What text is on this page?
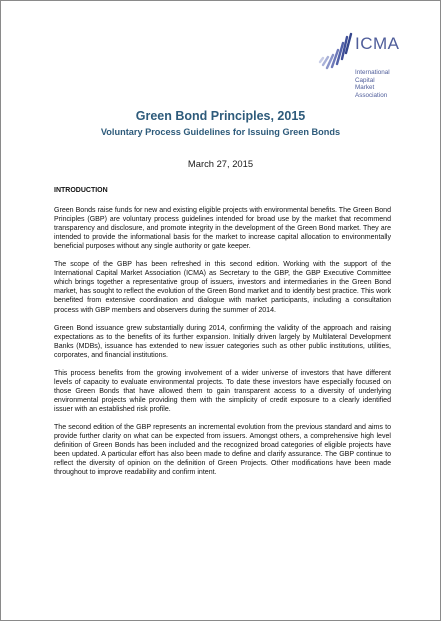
ICMA
International
Capital
Market
Association
Green Bond Principles, 2015
Voluntary Process Guidelines for Issuing Green Bonds
March 27, 2015
INTRODUCTION

Green Bonds raise funds for new and existing eligible projects with environmental benefits. The Green Bond Principles (GBP) are voluntary process guidelines intended for broad use by the market that recommend transparency and disclosure, and promote integrity in the development of the Green Bond market. They are intended to provide the informational basis for the market to increase capital allocation to environmentally beneficial purposes without any single authority or gate keeper.

The scope of the GBP has been refreshed in this second edition. Working with the support of the International Capital Market Association (ICMA) as Secretary to the GBP, the GBP Executive Committee which brings together a representative group of issuers, investors and intermediaries in the Green Bond market, has sought to reflect the evolution of the Green Bond market and to identify best practice. This work benefited from extensive coordination and dialogue with market participants, including a consultation process with GBP members and observers during the summer of 2014.

Green Bond issuance grew substantially during 2014, confirming the validity of the approach and raising expectations as to the benefits of its further expansion. Initially driven largely by Multilateral Development Banks (MDBs), issuance has extended to new issuer categories such as other public institutions, utilities, corporates, and financial institutions.

This process benefits from the growing involvement of a wider universe of investors that have different levels of capacity to evaluate environmental projects. To date these investors have especially focused on those Green Bonds that have allowed them to gain transparent access to a diversity of underlying environmental projects while providing them with the simplicity of credit exposure to a clearly identified issuer with an established risk profile.

The second edition of the GBP represents an incremental evolution from the previous standard and aims to provide further clarity on what can be expected from issuers. Amongst others, a comprehensive high level definition of Green Bonds has been included and the recognized broad categories of eligible projects have been updated. A particular effort has also been made to define and clarify assurance. The GBP continue to reflect the diversity of opinion on the definition of Green Projects. Other modifications have been made throughout to improve readability and confirm intent.
